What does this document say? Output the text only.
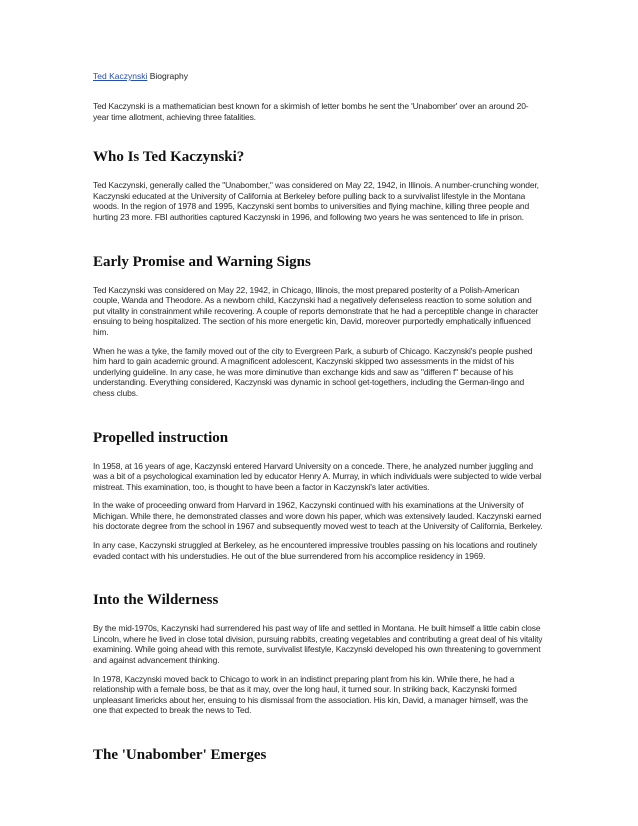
Ted Kaczynski Biography

Ted Kaczynski is a mathematician best known for a skirmish of letter bombs he sent the 'Unabomber' over an around 20-year time allotment, achieving three fatalities.

Who Is Ted Kaczynski?

Ted Kaczynski, generally called the "Unabomber," was considered on May 22, 1942, in Illinois. A number-crunching wonder, Kaczynski educated at the University of California at Berkeley before pulling back to a survivalist lifestyle in the Montana woods. In the region of 1978 and 1995, Kaczynski sent bombs to universities and flying machine, killing three people and hurting 23 more. FBI authorities captured Kaczynski in 1996, and following two years he was sentenced to life in prison.

Early Promise and Warning Signs

Ted Kaczynski was considered on May 22, 1942, in Chicago, Illinois, the most prepared posterity of a Polish-American couple, Wanda and Theodore. As a newborn child, Kaczynski had a negatively defenseless reaction to some solution and put vitality in constrainment while recovering. A couple of reports demonstrate that he had a perceptible change in character ensuing to being hospitalized. The section of his more energetic kin, David, moreover purportedly emphatically influenced him.

When he was a tyke, the family moved out of the city to Evergreen Park, a suburb of Chicago. Kaczynski's people pushed him hard to gain academic ground. A magnificent adolescent, Kaczynski skipped two assessments in the midst of his underlying guideline. In any case, he was more diminutive than exchange kids and saw as "differen f" because of his understanding. Everything considered, Kaczynski was dynamic in school get-togethers, including the German-lingo and chess clubs.

Propelled instruction

In 1958, at 16 years of age, Kaczynski entered Harvard University on a concede. There, he analyzed number juggling and was a bit of a psychological examination led by educator Henry A. Murray, in which individuals were subjected to wide verbal mistreat. This examination, too, is thought to have been a factor in Kaczynski's later activities.

In the wake of proceeding onward from Harvard in 1962, Kaczynski continued with his examinations at the University of Michigan. While there, he demonstrated classes and wore down his paper, which was extensively lauded. Kaczynski earned his doctorate degree from the school in 1967 and subsequently moved west to teach at the University of California, Berkeley.

In any case, Kaczynski struggled at Berkeley, as he encountered impressive troubles passing on his locations and routinely evaded contact with his understudies. He out of the blue surrendered from his accomplice residency in 1969.

Into the Wilderness

By the mid-1970s, Kaczynski had surrendered his past way of life and settled in Montana. He built himself a little cabin close Lincoln, where he lived in close total division, pursuing rabbits, creating vegetables and contributing a great deal of his vitality examining. While going ahead with this remote, survivalist lifestyle, Kaczynski developed his own threatening to government and against advancement thinking.

In 1978, Kaczynski moved back to Chicago to work in an indistinct preparing plant from his kin. While there, he had a relationship with a female boss, be that as it may, over the long haul, it turned sour. In striking back, Kaczynski formed unpleasant limericks about her, ensuing to his dismissal from the association. His kin, David, a manager himself, was the one that expected to break the news to Ted.

The 'Unabomber' Emerges
